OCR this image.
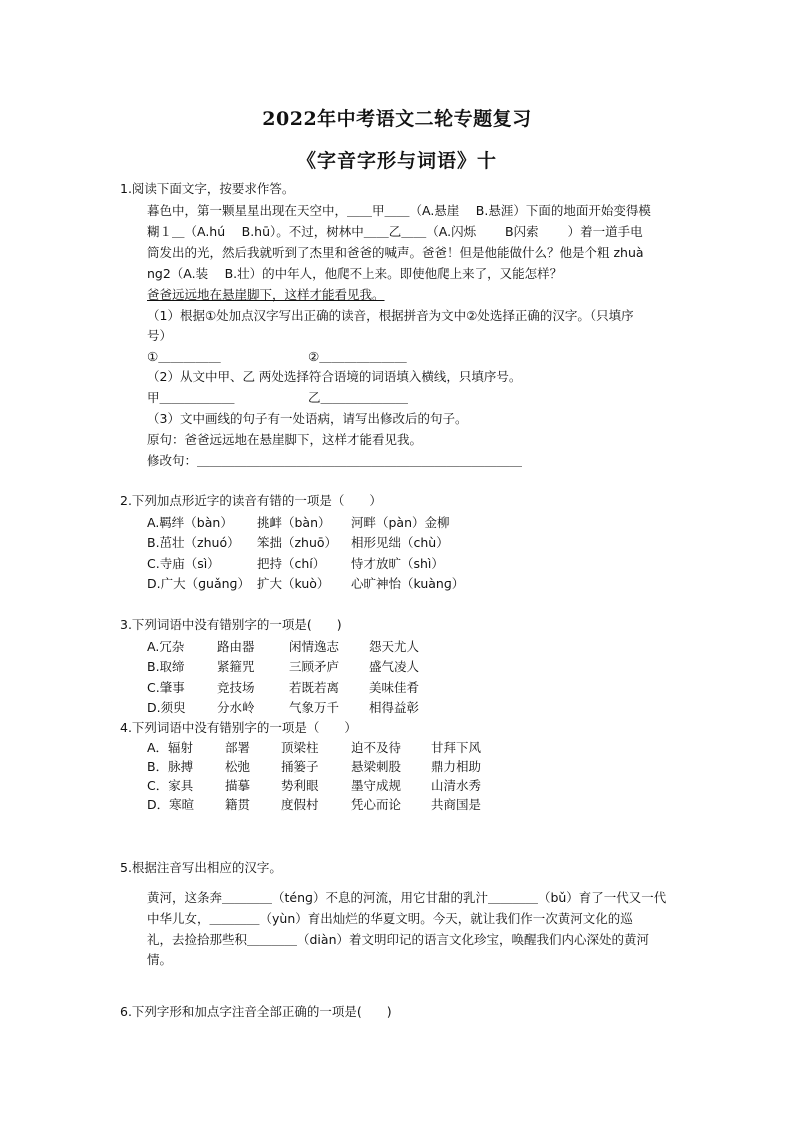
2022年中考语文二轮专题复习
《字音字形与词语》十
1.阅读下面文字，按要求作答。
暮色中，第一颗星星出现在天空中，＿＿甲＿＿（A.悬崖　 B.悬涯）下面的地面开始变得模
糊１＿（A.hú　 B.hū）。不过，树林中＿＿乙＿＿（A.闪烁　　 B闪索　　 ）着一道手电
筒发出的光，然后我就听到了杰里和爸爸的喊声。爸爸！但是他能做什么？他是个粗 zhuà
ng2（A.装　 B.壮）的中年人，他爬不上来。即使他爬上来了，又能怎样？
爸爸远远地在悬崖脚下，这样才能看见我。
（1）根据①处加点汉字写出正确的读音，根据拼音为文中②处选择正确的汉字。（只填序
号）
①＿＿＿＿＿	②＿＿＿＿＿＿＿
（2）从文中甲、乙 两处选择符合语境的词语填入横线，只填序号。
甲＿＿＿＿＿＿	乙＿＿＿＿＿＿＿
（3）文中画线的句子有一处语病，请写出修改后的句子。
原句：爸爸远远地在悬崖脚下，这样才能看见我。
修改句：＿＿＿＿＿＿＿＿＿＿＿＿＿＿＿＿＿＿＿＿＿＿＿＿＿＿
2.下列加点形近字的读音有错的一项是（　　）
A.羁绊（bàn） 挑衅（bàn） 河畔（pàn）金柳
B.茁壮（zhuó） 笨拙（zhuō） 相形见绌（chù）
C.寺庙（sì）	把持（chí） 恃才放旷（shì）
D.广大（ɡuǎnɡ） 扩大（kuò） 心旷神怡（kuànɡ）
3.下列词语中没有错别字的一项是(　　)
A.冗杂	路由器	闲情逸志 怨天尤人
B.取缔	紧箍咒	三顾矛庐 盛气凌人
C.肇事	竞技场	若既若离 美味佳肴
D.须臾	分水岭	气象万千 相得益彰
4.下列词语中没有错别字的一项是（　　）
A．辐射	部署 顶梁柱	迫不及待 甘拜下风
B．脉搏	松弛 捅篓子	悬梁刺股 鼎力相助
C．家具	描摹 势利眼	墨守成规 山清水秀
D．寒暄 籍贯 度假村	凭心而论 共商国是
5.根据注音写出相应的汉字。
黄河，这条奔＿＿＿＿（ténɡ）不息的河流，用它甘甜的乳汁＿＿＿＿（bǔ）育了一代又一代
中华儿女，＿＿＿＿（yùn）育出灿烂的华夏文明。今天，就让我们作一次黄河文化的巡
礼，去捡拾那些积＿＿＿＿（diàn）着文明印记的语言文化珍宝，唤醒我们内心深处的黄河
情。
6.下列字形和加点字注音全部正确的一项是(　　)
